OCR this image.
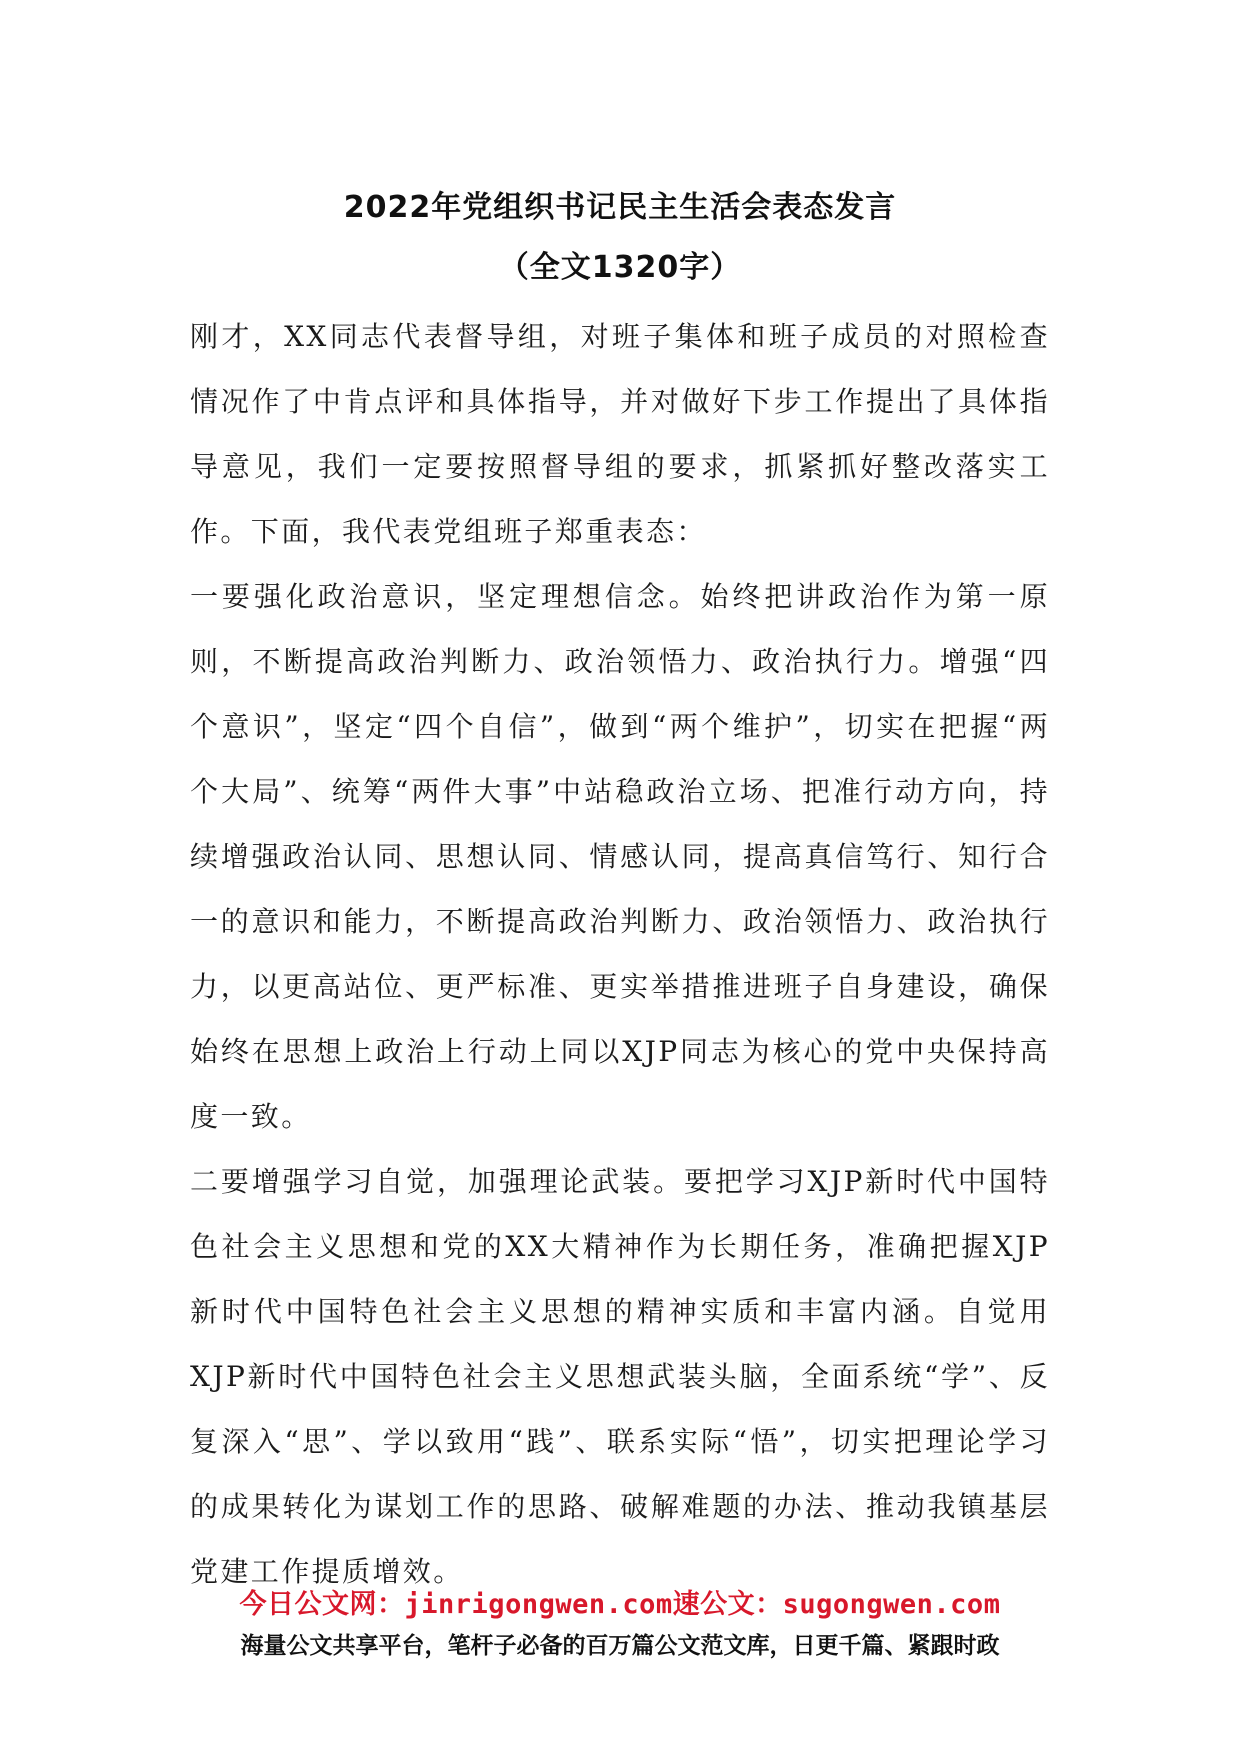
2022年党组织书记民主生活会表态发言
（全文1320字）

刚才，XX同志代表督导组，对班子集体和班子成员的对照检查情况作了中肯点评和具体指导，并对做好下步工作提出了具体指导意见，我们一定要按照督导组的要求，抓紧抓好整改落实工作。下面，我代表党组班子郑重表态：

一要强化政治意识，坚定理想信念。始终把讲政治作为第一原则，不断提高政治判断力、政治领悟力、政治执行力。增强“四个意识”，坚定“四个自信”，做到“两个维护”，切实在把握“两个大局”、统筹“两件大事”中站稳政治立场、把准行动方向，持续增强政治认同、思想认同、情感认同，提高真信笃行、知行合一的意识和能力，不断提高政治判断力、政治领悟力、政治执行力，以更高站位、更严标准、更实举措推进班子自身建设，确保始终在思想上政治上行动上同以XJP同志为核心的党中央保持高度一致。

二要增强学习自觉，加强理论武装。要把学习XJP新时代中国特色社会主义思想和党的XX大精神作为长期任务，准确把握XJP新时代中国特色社会主义思想的精神实质和丰富内涵。自觉用XJP新时代中国特色社会主义思想武装头脑，全面系统“学”、反复深入“思”、学以致用“践”、联系实际“悟”，切实把理论学习的成果转化为谋划工作的思路、破解难题的办法、推动我镇基层党建工作提质增效。

今日公文网：jinrigongwen.com速公文：sugongwen.com
海量公文共享平台，笔杆子必备的百万篇公文范文库，日更千篇、紧跟时政
